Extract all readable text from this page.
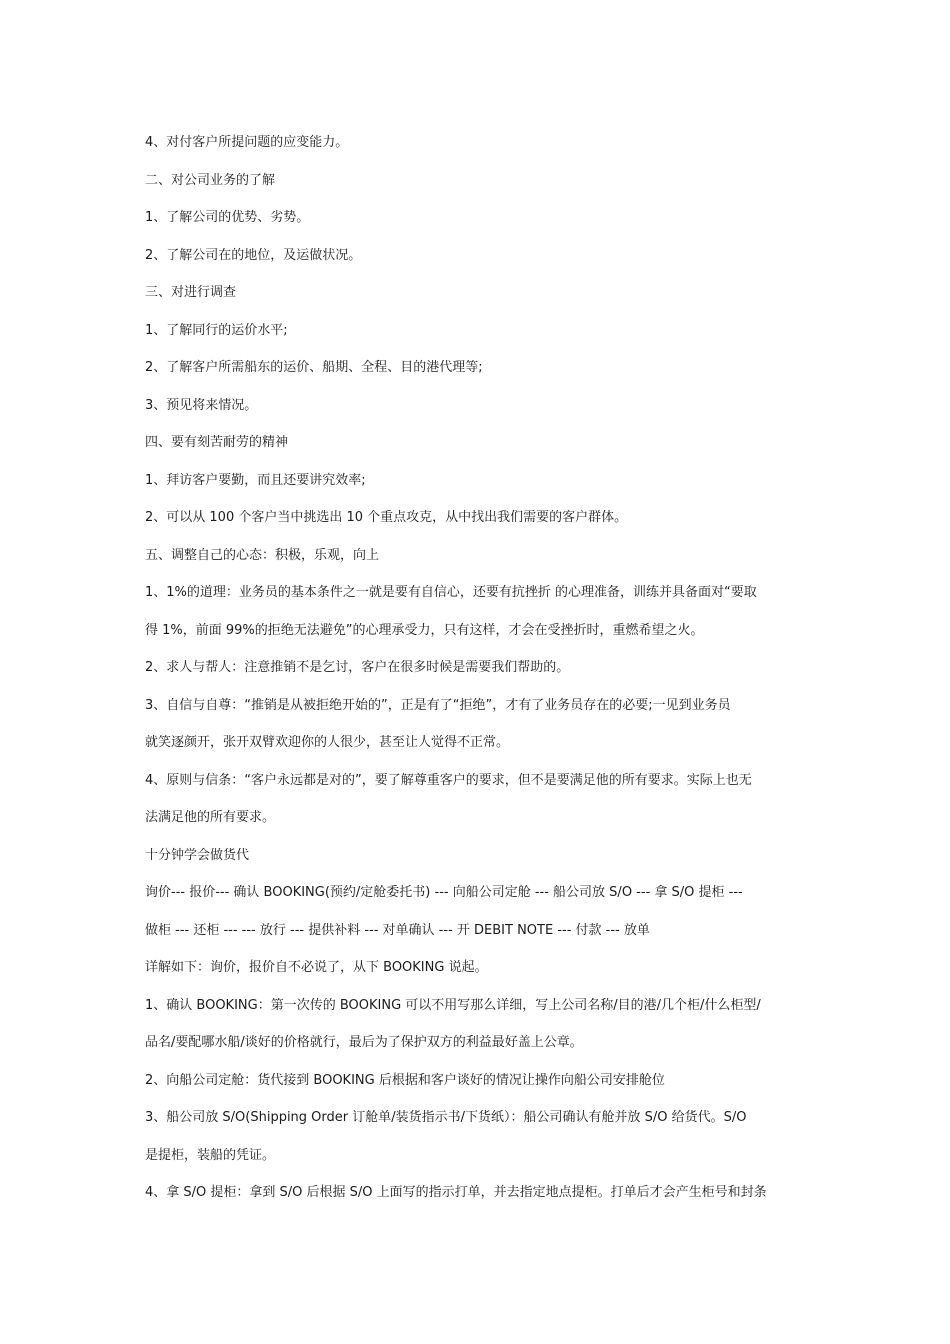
4、对付客户所提问题的应变能力。

二、对公司业务的了解

1、了解公司的优势、劣势。

2、了解公司在的地位，及运做状况。

三、对进行调查

1、了解同行的运价水平;

2、了解客户所需船东的运价、船期、全程、目的港代理等;

3、预见将来情况。

四、要有刻苦耐劳的精神

1、拜访客户要勤，而且还要讲究效率;

2、可以从 100 个客户当中挑选出 10 个重点攻克，从中找出我们需要的客户群体。

五、调整自己的心态：积极，乐观，向上

1、1%的道理：业务员的基本条件之一就是要有自信心，还要有抗挫折 的心理准备，训练并具备面对“要取
得 1%，前面 99%的拒绝无法避免”的心理承受力，只有这样，才会在受挫折时，重燃希望之火。

2、求人与帮人：注意推销不是乞讨，客户在很多时候是需要我们帮助的。

3、自信与自尊：“推销是从被拒绝开始的”，正是有了“拒绝”，才有了业务员存在的必要;一见到业务员
就笑逐颜开，张开双臂欢迎你的人很少，甚至让人觉得不正常。

4、原则与信条：“客户永远都是对的”，要了解尊重客户的要求，但不是要满足他的所有要求。实际上也无
法满足他的所有要求。

十分钟学会做货代

询价--- 报价--- 确认 BOOKING(预约/定舱委托书) --- 向船公司定舱 --- 船公司放 S/O --- 拿 S/O 提柜 ---
做柜 --- 还柜 --- --- 放行 --- 提供补料 --- 对单确认 --- 开 DEBIT NOTE --- 付款 --- 放单

详解如下：询价，报价自不必说了，从下 BOOKING 说起。

1、确认 BOOKING：第一次传的 BOOKING 可以不用写那么详细，写上公司名称/目的港/几个柜/什么柜型/
品名/要配哪水船/谈好的价格就行，最后为了保护双方的利益最好盖上公章。

2、向船公司定舱：货代接到 BOOKING 后根据和客户谈好的情况让操作向船公司安排舱位

3、船公司放 S/O(Shipping Order 订舱单/装货指示书/下货纸）：船公司确认有舱并放 S/O 给货代。S/O
是提柜，装船的凭证。

4、拿 S/O 提柜：拿到 S/O 后根据 S/O 上面写的指示打单，并去指定地点提柜。打单后才会产生柜号和封条
